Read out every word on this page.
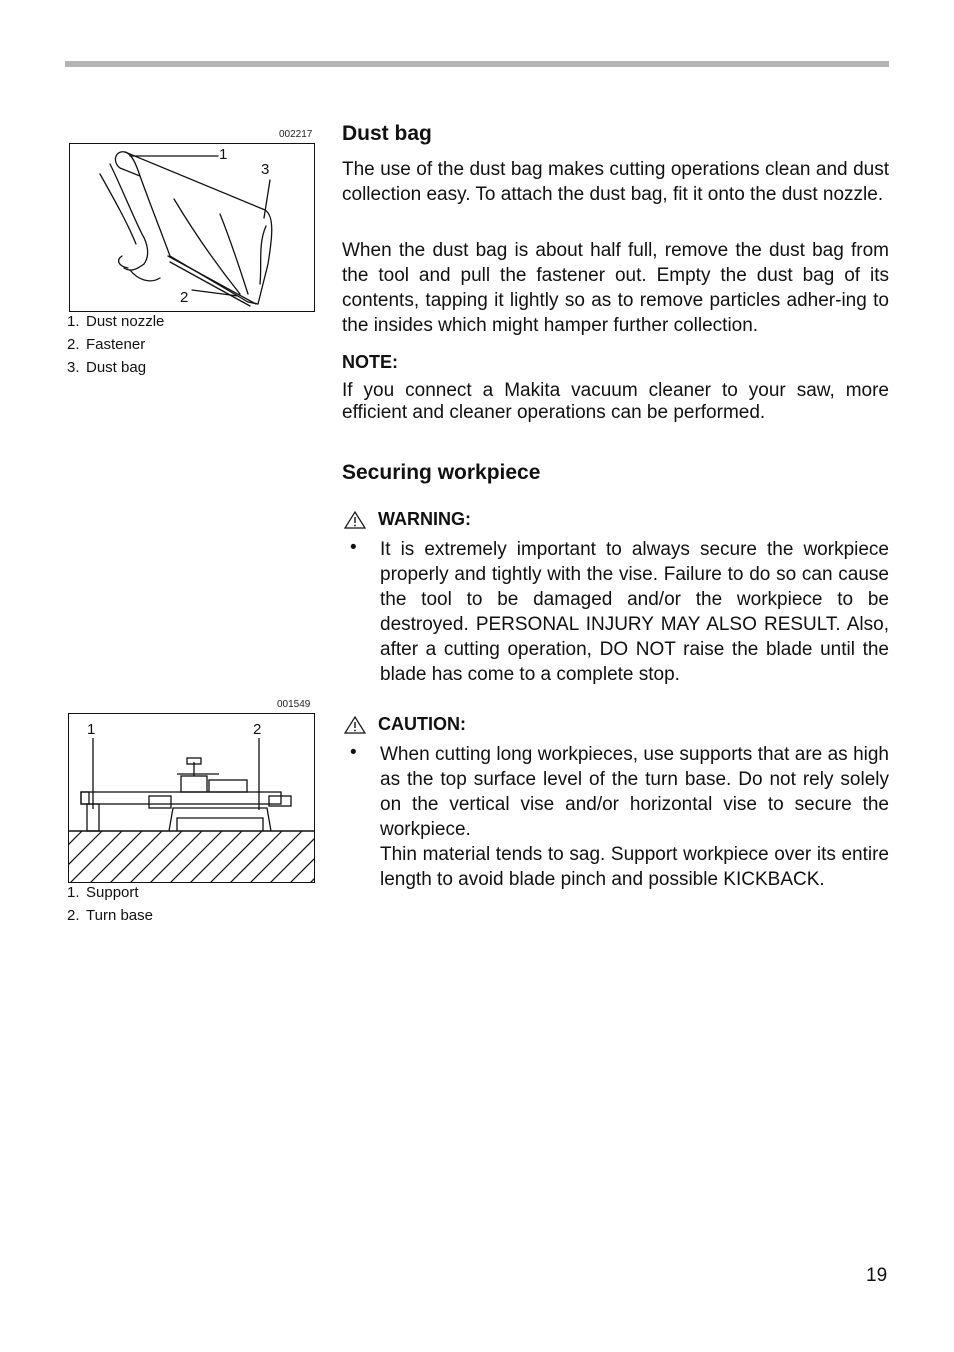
002217
1
3
2
1. Dust nozzle
2. Fastener
3. Dust bag
001549
1	2
1. Support
2. Turn base
Dust bag
The use of the dust bag makes cutting operations clean and dust collection easy. To attach the dust bag, fit it onto the dust nozzle.
When the dust bag is about half full, remove the dust bag from the tool and pull the fastener out. Empty the dust bag of its contents, tapping it lightly so as to remove particles adher-ing to the insides which might hamper further collection.
NOTE:
If you connect a Makita vacuum cleaner to your saw, more efficient and cleaner operations can be performed.
Securing workpiece
WARNING:
• It is extremely important to always secure the workpiece properly and tightly with the vise. Failure to do so can cause the tool to be damaged and/or the workpiece to be destroyed. PERSONAL INJURY MAY ALSO RESULT. Also, after a cutting operation, DO NOT raise the blade until the blade has come to a complete stop.
CAUTION:
• When cutting long workpieces, use supports that are as high as the top surface level of the turn base. Do not rely solely on the vertical vise and/or horizontal vise to secure the workpiece.
Thin material tends to sag. Support workpiece over its entire length to avoid blade pinch and possible KICKBACK.
19
